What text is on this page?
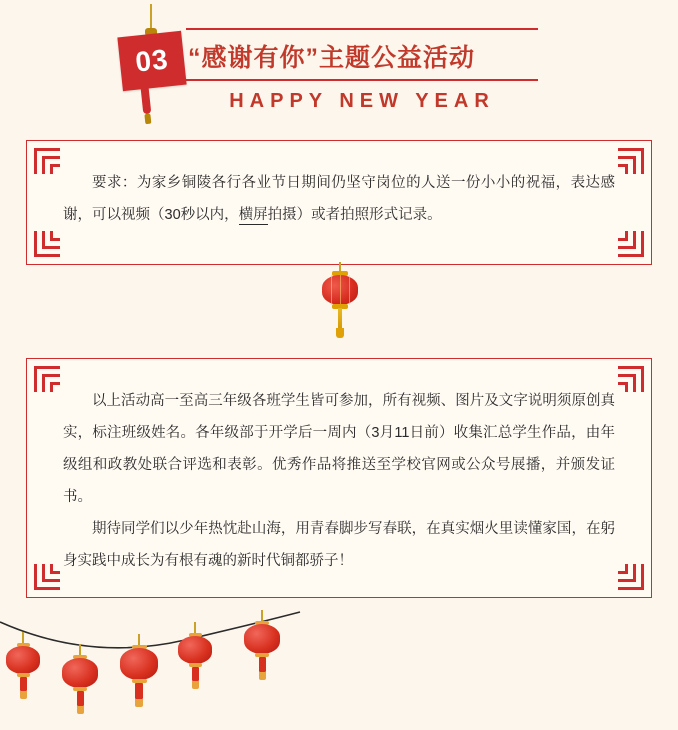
03 “感谢有你”主题公益活动
HAPPY NEW YEAR

要求：为家乡铜陵各行各业节日期间仍坚守岗位的人送一份小小的祝福，表达感谢，可以视频（30秒以内，横屏拍摄）或者拍照形式记录。

以上活动高一至高三年级各班学生皆可参加，所有视频、图片及文字说明须原创真实，标注班级姓名。各年级部于开学后一周内（3月11日前）收集汇总学生作品，由年级组和政教处联合评选和表彰。优秀作品将推送至学校官网或公众号展播，并颁发证书。

期待同学们以少年热忱赴山海，用青春脚步写春联，在真实烟火里读懂家国，在躬身实践中成长为有根有魂的新时代铜都骄子！
